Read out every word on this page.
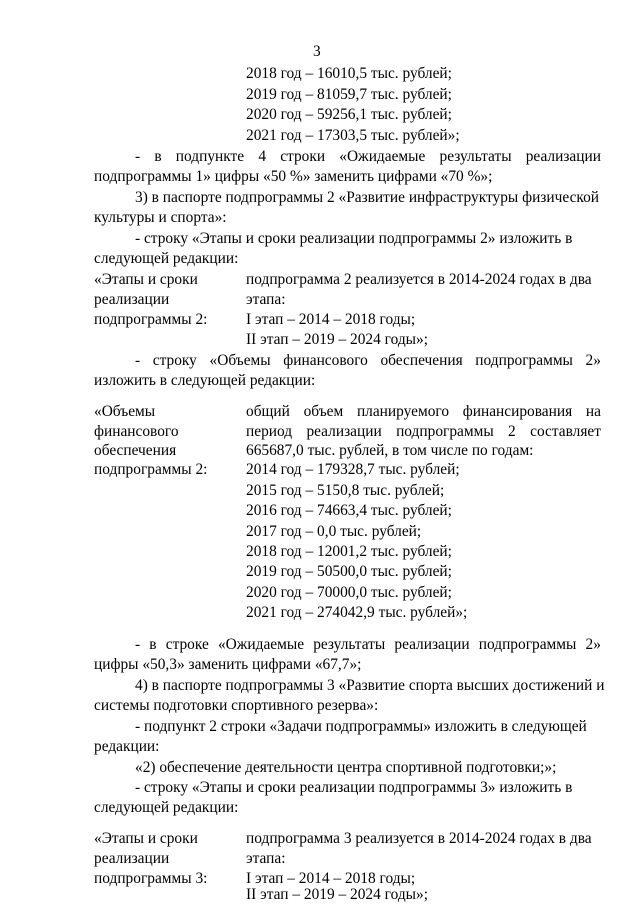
3
2018 год – 16010,5 тыс. рублей;
2019 год – 81059,7 тыс. рублей;
2020 год – 59256,1 тыс. рублей;
2021 год – 17303,5 тыс. рублей»;
- в подпункте 4 строки «Ожидаемые результаты реализации
подпрограммы 1» цифры «50 %» заменить цифрами «70 %»;
3) в паспорте подпрограммы 2 «Развитие инфраструктуры физической
культуры и спорта»:
- строку «Этапы и сроки реализации подпрограммы 2» изложить в
следующей редакции:
«Этапы и сроки
реализации
подпрограммы 2:
подпрограмма 2 реализуется в 2014-2024 годах в два
этапа:
I этап – 2014 – 2018 годы;
II этап – 2019 – 2024 годы»;
- строку «Объемы финансового обеспечения подпрограммы 2»
изложить в следующей редакции:
«Объемы
финансового
обеспечения
подпрограммы 2:
общий объем планируемого финансирования на
период реализации подпрограммы 2 составляет
665687,0 тыс. рублей, в том числе по годам:
2014 год – 179328,7 тыс. рублей;
2015 год – 5150,8 тыс. рублей;
2016 год – 74663,4 тыс. рублей;
2017 год – 0,0 тыс. рублей;
2018 год – 12001,2 тыс. рублей;
2019 год – 50500,0 тыс. рублей;
2020 год – 70000,0 тыс. рублей;
2021 год – 274042,9 тыс. рублей»;
- в строке «Ожидаемые результаты реализации подпрограммы 2»
цифры «50,3» заменить цифрами «67,7»;
4) в паспорте подпрограммы 3 «Развитие спорта высших достижений и
системы подготовки спортивного резерва»:
- подпункт 2 строки «Задачи подпрограммы» изложить в следующей
редакции:
«2) обеспечение деятельности центра спортивной подготовки;»;
- строку «Этапы и сроки реализации подпрограммы 3» изложить в
следующей редакции:
«Этапы и сроки
реализации
подпрограммы 3:
подпрограмма 3 реализуется в 2014-2024 годах в два
этапа:
I этап – 2014 – 2018 годы;
II этап – 2019 – 2024 годы»;
